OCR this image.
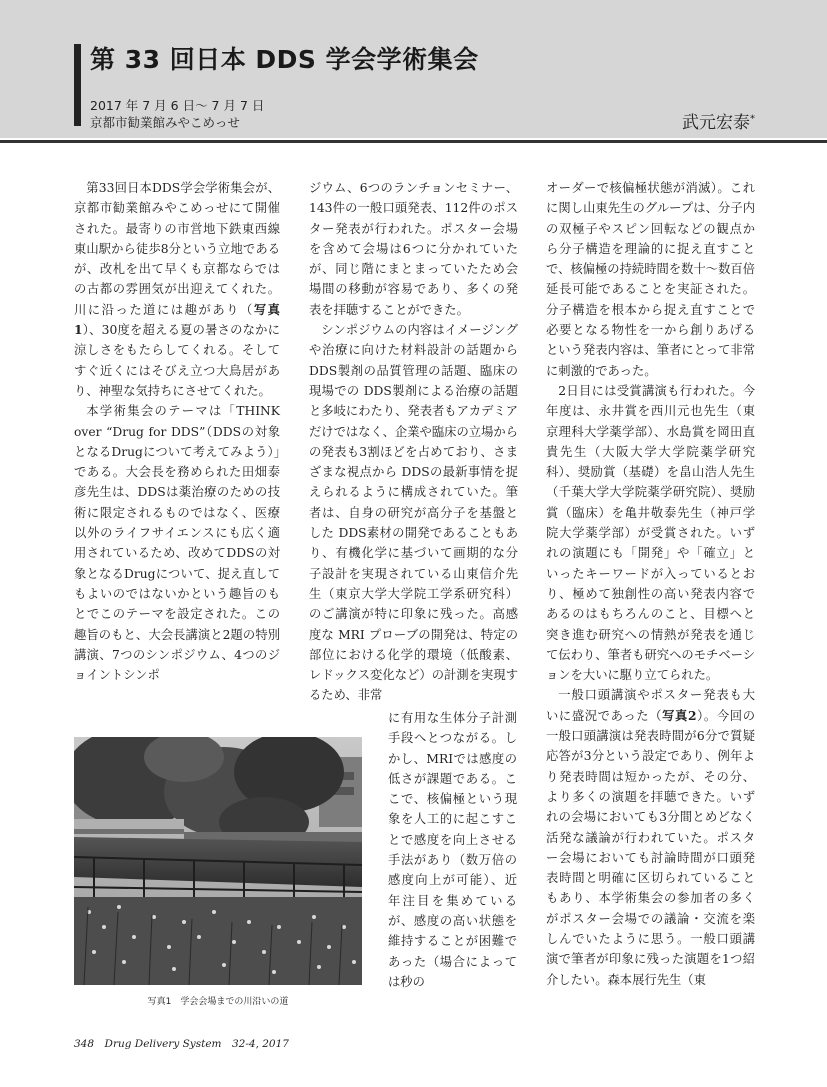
第 33 回日本 DDS 学会学術集会
2017 年 7 月 6 日～ 7 月 7 日
京都市勧業館みやこめっせ	武元宏泰*

第33回日本DDS学会学術集会が、京都市勧業館みやこめっせにて開催された。最寄りの市営地下鉄東西線東山駅から徒歩8分という立地であるが、改札を出て早くも京都ならではの古都の雰囲気が出迎えてくれた。川に沿った道には趣があり（写真1）、30度を超える夏の暑さのなかに涼しさをもたらしてくれる。そしてすぐ近くにはそびえ立つ大鳥居があり、神聖な気持ちにさせてくれた。

本学術集会のテーマは「THINK over “Drug for DDS”（DDSの対象となるDrugについて考えてみよう）」である。大会長を務められた田畑泰彦先生は、DDSは薬治療のための技術に限定されるものではなく、医療以外のライフサイエンスにも広く適用されているため、改めてDDSの対象となるDrugについて、捉え直してもよいのではないかという趣旨のもとでこのテーマを設定された。この趣旨のもと、大会長講演と2題の特別講演、7つのシンポジウム、4つのジョイントシンポ

ジウム、6つのランチョンセミナー、143件の一般口頭発表、112件のポスター発表が行われた。ポスター会場を含めて会場は6つに分かれていたが、同じ階にまとまっていたため会場間の移動が容易であり、多くの発表を拝聴することができた。

シンポジウムの内容はイメージングや治療に向けた材料設計の話題から DDS製剤の品質管理の話題、臨床の現場での DDS製剤による治療の話題と多岐にわたり、発表者もアカデミアだけではなく、企業や臨床の立場からの発表も3割ほどを占めており、さまざまな視点から DDSの最新事情を捉えられるように構成されていた。筆者は、自身の研究が高分子を基盤とした DDS素材の開発であることもあり、有機化学に基づいて画期的な分子設計を実現されている山東信介先生（東京大学大学院工学系研究科）のご講演が特に印象に残った。高感度な MRI プローブの開発は、特定の部位における化学的環境（低酸素、レドックス変化など）の計測を実現するため、非常

に有用な生体分子計測手段へとつながる。しかし、MRIでは感度の低さが課題である。ここで、核偏極という現象を人工的に起こすことで感度を向上させる手法があり（数万倍の感度向上が可能）、近年注目を集めているが、感度の高い状態を維持することが困難であった（場合によっては秒の

オーダーで核偏極状態が消滅）。これに関し山東先生のグループは、分子内の双極子やスピン回転などの観点から分子構造を理論的に捉え直すことで、核偏極の持続時間を数十～数百倍延長可能であることを実証された。分子構造を根本から捉え直すことで必要となる物性を一から創りあげるという発表内容は、筆者にとって非常に刺激的であった。

2日目には受賞講演も行われた。今年度は、永井賞を西川元也先生（東京理科大学薬学部）、水島賞を岡田直貴先生（大阪大学大学院薬学研究科）、奨励賞（基礎）を畠山浩人先生（千葉大学大学院薬学研究院）、奨励賞（臨床）を亀井敬泰先生（神戸学院大学薬学部）が受賞された。いずれの演題にも「開発」や「確立」といったキーワードが入っているとおり、極めて独創性の高い発表内容であるのはもちろんのこと、目標へと突き進む研究への情熱が発表を通じて伝わり、筆者も研究へのモチベーションを大いに駆り立てられた。

一般口頭講演やポスター発表も大いに盛況であった（写真2）。今回の一般口頭講演は発表時間が6分で質疑応答が3分という設定であり、例年より発表時間は短かったが、その分、より多くの演題を拝聴できた。いずれの会場においても3分間とめどなく活発な議論が行われていた。ポスター会場においても討論時間が口頭発表時間と明確に区切られていることもあり、本学術集会の参加者の多くがポスター会場での議論・交流を楽しんでいたように思う。一般口頭講演で筆者が印象に残った演題を1つ紹介したい。森本展行先生（東

写真1　学会会場までの川沿いの道
348　Drug Delivery System　32-4, 2017
